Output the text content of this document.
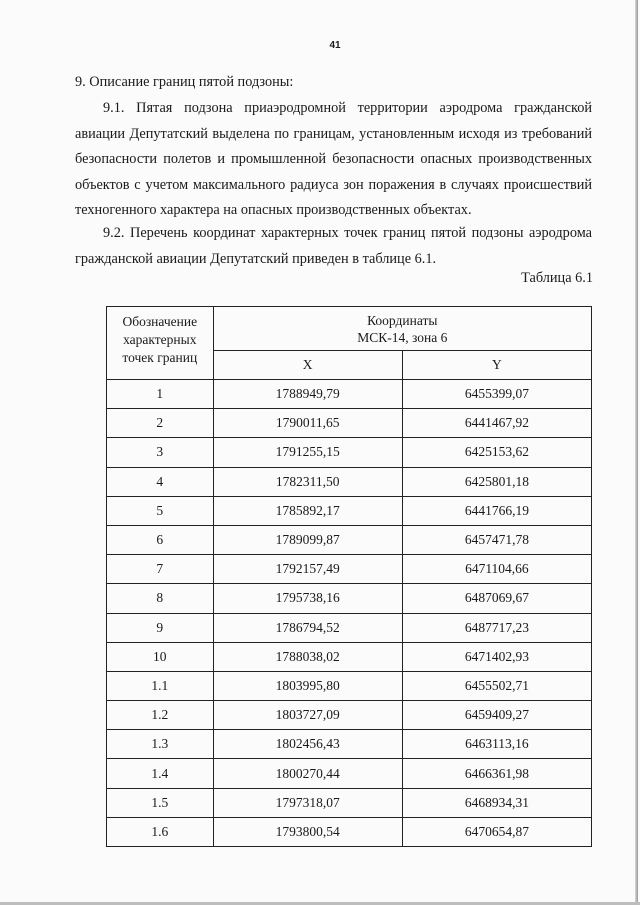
41
9. Описание границ пятой подзоны:
9.1. Пятая подзона приаэродромной территории аэродрома гражданской авиации Депутатский выделена по границам, установленным исходя из требований безопасности полетов и промышленной безопасности опасных производственных объектов с учетом максимального радиуса зон поражения в случаях происшествий техногенного характера на опасных производственных объектах.
9.2. Перечень координат характерных точек границ пятой подзоны аэродрома гражданской авиации Депутатский приведен в таблице 6.1.
Таблица 6.1
Обозначение характерных точек границ	Координаты
МСК-14, зона 6	

	X	Y
1	1788949,79	6455399,07
2	1790011,65	6441467,92
3	1791255,15	6425153,62
4	1782311,50	6425801,18
5	1785892,17	6441766,19
6	1789099,87	6457471,78
7	1792157,49	6471104,66
8	1795738,16	6487069,67
9	1786794,52	6487717,23
10	1788038,02	6471402,93
1.1	1803995,80	6455502,71
1.2	1803727,09	6459409,27
1.3	1802456,43	6463113,16
1.4	1800270,44	6466361,98
1.5	1797318,07	6468934,31
1.6	1793800,54	6470654,87
